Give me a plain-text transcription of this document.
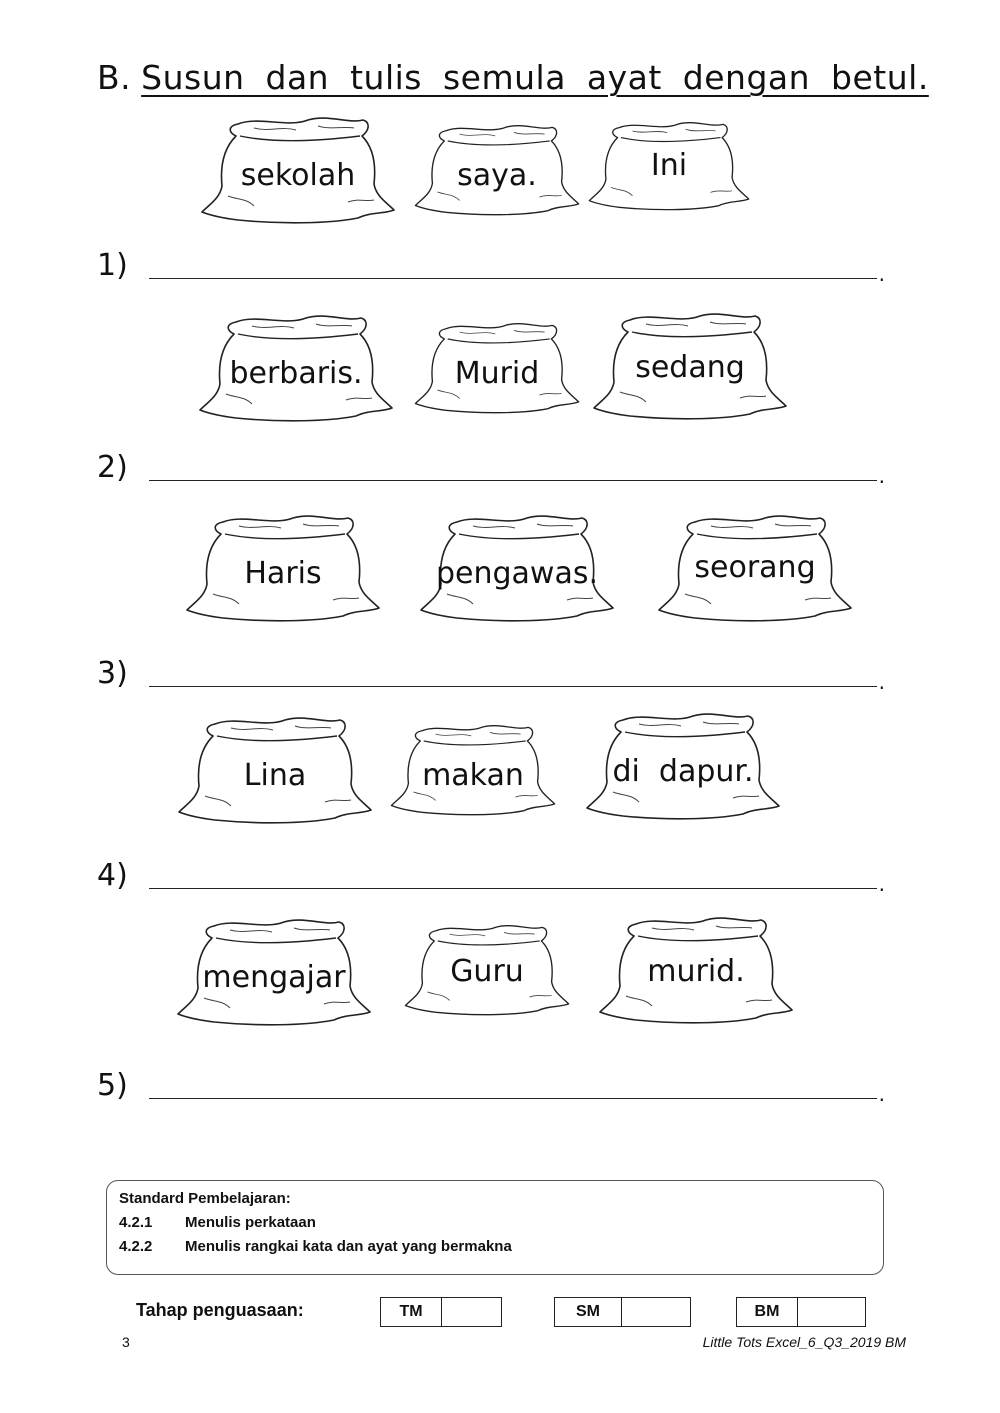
B. Susun dan tulis semula ayat dengan betul.
sekolah	saya.	Ini
1)	.
berbaris.	Murid	sedang
2)	.
Haris	pengawas.	seorang
3)	.
Lina	makan	di  dapur.
4)	.
mengajar	Guru	murid.
5)	.
Standard Pembelajaran:
4.2.1 Menulis perkataan
4.2.2 Menulis rangkai kata dan ayat yang bermakna
Tahap penguasaan:	TM	SM	BM
3	Little Tots Excel_6_Q3_2019 BM
